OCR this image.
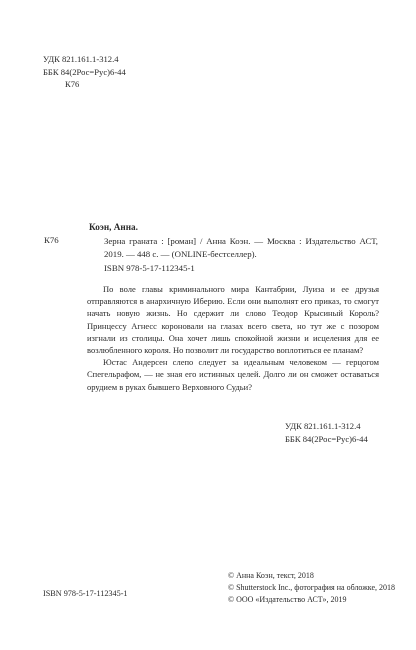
УДК 821.161.1-312.4
ББК 84(2Рос=Рус)6-44

К76
Коэн, Анна.
К76	Зерна граната : [роман] / Анна Коэн. — Москва : Издательство АСТ, 2019. — 448 с. — (ONLINE-бестселлер).
ISBN 978-5-17-112345-1

По воле главы криминального мира Кантабрии, Луиза и ее друзья отправляются в анархичную Иберию. Если они выполнят его приказ, то смогут начать новую жизнь. Но сдержит ли слово Теодор Крысиный Король? Принцессу Агнесс короновали на глазах всего света, но тут же с позором изгнали из столицы. Она хочет лишь спокойной жизни и исцеления для ее возлюбленного короля. Но позволит ли государство воплотиться ее планам?

Юстас Андерсен слепо следует за идеальным человеком — герцогом Спегельрафом, — не зная его истинных целей. Долго ли он сможет оставаться орудием в руках бывшего Верховного Судьи?

УДК 821.161.1-312.4
ББК 84(2Рос=Рус)6-44
© Анна Коэн, текст, 2018
© Shutterstock Inc., фотография на обложке, 2018
© ООО «Издательство АСТ», 2019
ISBN 978-5-17-112345-1
